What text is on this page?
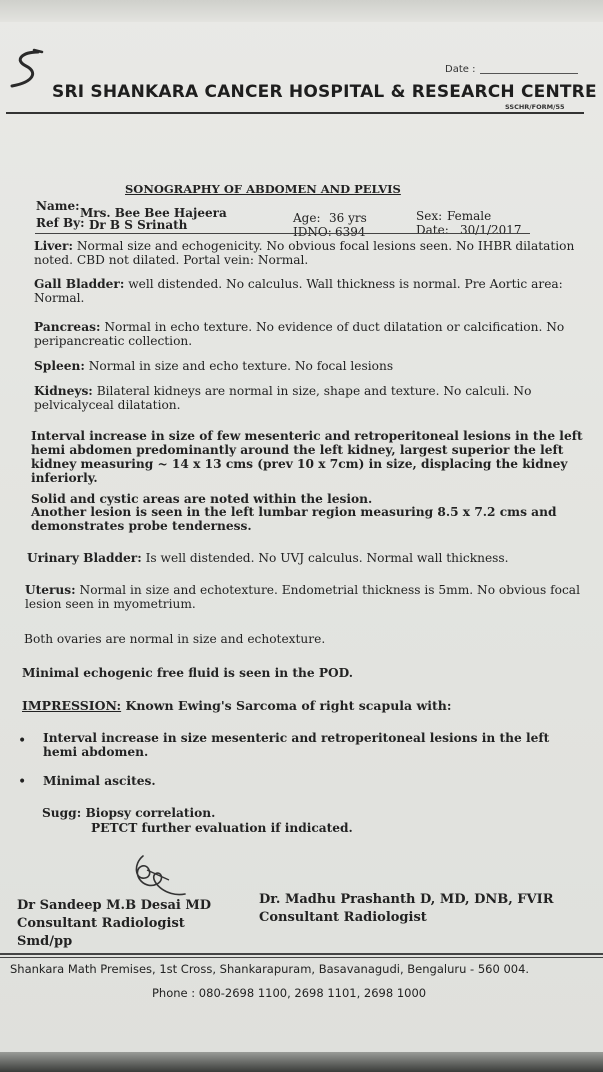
Date :
SRI SHANKARA CANCER HOSPITAL & RESEARCH CENTRE
SSCHR/FORM/55
SONOGRAPHY OF ABDOMEN AND PELVIS
Name: Mrs. Bee Bee Hajeera
Ref By: Dr B S Srinath	Age: 36 yrs
IDNO: 6394
Sex: Female
Date: 30/1/2017
Liver: Normal size and echogenicity. No obvious focal lesions seen. No IHBR dilatation noted. CBD not dilated. Portal vein: Normal.
Gall Bladder: well distended. No calculus. Wall thickness is normal. Pre Aortic area: Normal.
Pancreas: Normal in echo texture. No evidence of duct dilatation or calcification. No peripancreatic collection.
Spleen: Normal in size and echo texture. No focal lesions
Kidneys: Bilateral kidneys are normal in size, shape and texture. No calculi. No pelvicalyceal dilatation.
Interval increase in size of few mesenteric and retroperitoneal lesions in the left hemi abdomen predominantly around the left kidney, largest superior the left kidney measuring ~ 14 x 13 cms (prev 10 x 7cm) in size, displacing the kidney inferiorly.
Solid and cystic areas are noted within the lesion.
Another lesion is seen in the left lumbar region measuring 8.5 x 7.2 cms and demonstrates probe tenderness.
Urinary Bladder: Is well distended. No UVJ calculus. Normal wall thickness.
Uterus: Normal in size and echotexture. Endometrial thickness is 5mm. No obvious focal lesion seen in myometrium.
Both ovaries are normal in size and echotexture.
Minimal echogenic free fluid is seen in the POD.
IMPRESSION: Known Ewing's Sarcoma of right scapula with:
• Interval increase in size mesenteric and retroperitoneal lesions in the left hemi abdomen.
• Minimal ascites.
Sugg: Biopsy correlation.
PETCT further evaluation if indicated.
Dr Sandeep M.B Desai MD
Consultant Radiologist
Smd/pp
Dr. Madhu Prashanth D, MD, DNB, FVIR
Consultant Radiologist
Shankara Math Premises, 1st Cross, Shankarapuram, Basavanagudi, Bengaluru - 560 004.
Phone : 080-2698 1100, 2698 1101, 2698 1000
